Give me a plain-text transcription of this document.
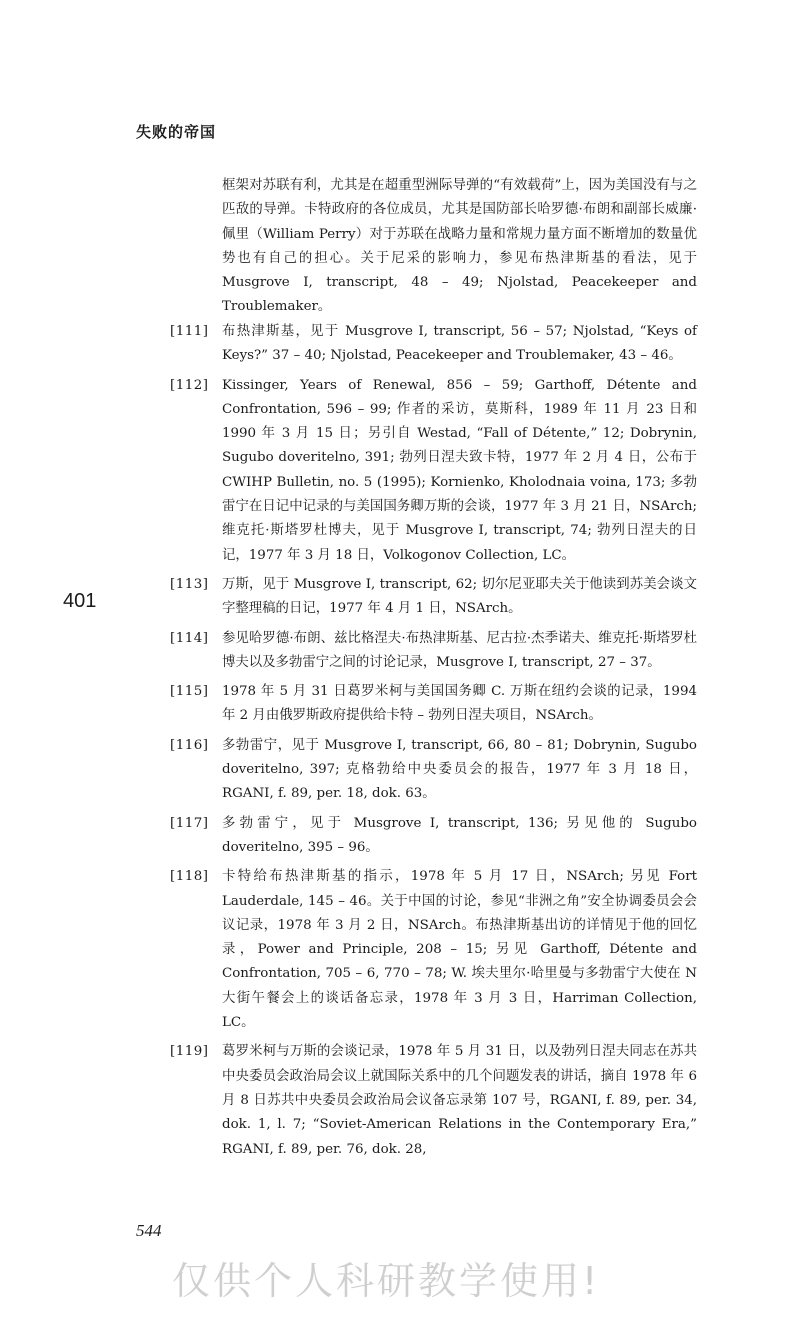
失败的帝国
401
框架对苏联有利，尤其是在超重型洲际导弹的“有效载荷”上，因为美国没有与之匹敌的导弹。卡特政府的各位成员，尤其是国防部长哈罗德·布朗和副部长威廉·佩里（William Perry）对于苏联在战略力量和常规力量方面不断增加的数量优势也有自己的担心。关于尼采的影响力，参见布热津斯基的看法，见于 Musgrove I, transcript, 48 – 49; Njolstad, Peacekeeper and Troublemaker。
[111]	布热津斯基，见于 Musgrove I, transcript, 56 – 57; Njolstad, “Keys of Keys?” 37 – 40; Njolstad, Peacekeeper and Troublemaker, 43 – 46。
[112]	Kissinger, Years of Renewal, 856 – 59; Garthoff, Détente and Confrontation, 596 – 99; 作者的采访，莫斯科，1989 年 11 月 23 日和 1990 年 3 月 15 日；另引自 Westad, “Fall of Détente,” 12; Dobrynin, Sugubo doveritelno, 391; 勃列日涅夫致卡特，1977 年 2 月 4 日，公布于 CWIHP Bulletin, no. 5 (1995); Kornienko, Kholodnaia voina, 173; 多勃雷宁在日记中记录的与美国国务卿万斯的会谈，1977 年 3 月 21 日，NSArch; 维克托·斯塔罗杜博夫，见于 Musgrove I, transcript, 74; 勃列日涅夫的日记，1977 年 3 月 18 日，Volkogonov Collection, LC。
[113]	万斯，见于 Musgrove I, transcript, 62; 切尔尼亚耶夫关于他读到苏美会谈文字整理稿的日记，1977 年 4 月 1 日，NSArch。
[114]	参见哈罗德·布朗、兹比格涅夫·布热津斯基、尼古拉·杰季诺夫、维克托·斯塔罗杜博夫以及多勃雷宁之间的讨论记录，Musgrove I, transcript, 27 – 37。
[115]	1978 年 5 月 31 日葛罗米柯与美国国务卿 C. 万斯在纽约会谈的记录，1994 年 2 月由俄罗斯政府提供给卡特 – 勃列日涅夫项目，NSArch。
[116]	多勃雷宁，见于 Musgrove I, transcript, 66, 80 – 81; Dobrynin, Sugubo doveritelno, 397; 克格勃给中央委员会的报告，1977 年 3 月 18 日，RGANI, f. 89, per. 18, dok. 63。
[117]	多勃雷宁，见于 Musgrove I, transcript, 136; 另见他的 Sugubo doveritelno, 395 – 96。
[118]	卡特给布热津斯基的指示，1978 年 5 月 17 日，NSArch; 另见 Fort Lauderdale, 145 – 46。关于中国的讨论，参见“非洲之角”安全协调委员会会议记录，1978 年 3 月 2 日，NSArch。布热津斯基出访的详情见于他的回忆录，Power and Principle, 208 – 15; 另见 Garthoff, Détente and Confrontation, 705 – 6, 770 – 78; W. 埃夫里尔·哈里曼与多勃雷宁大使在 N 大街午餐会上的谈话备忘录，1978 年 3 月 3 日，Harriman Collection, LC。
[119]	葛罗米柯与万斯的会谈记录，1978 年 5 月 31 日，以及勃列日涅夫同志在苏共中央委员会政治局会议上就国际关系中的几个问题发表的讲话，摘自 1978 年 6 月 8 日苏共中央委员会政治局会议备忘录第 107 号，RGANI, f. 89, per. 34, dok. 1, l. 7; “Soviet-American Relations in the Contemporary Era,” RGANI, f. 89, per. 76, dok. 28,
544
仅供个人科研教学使用!
